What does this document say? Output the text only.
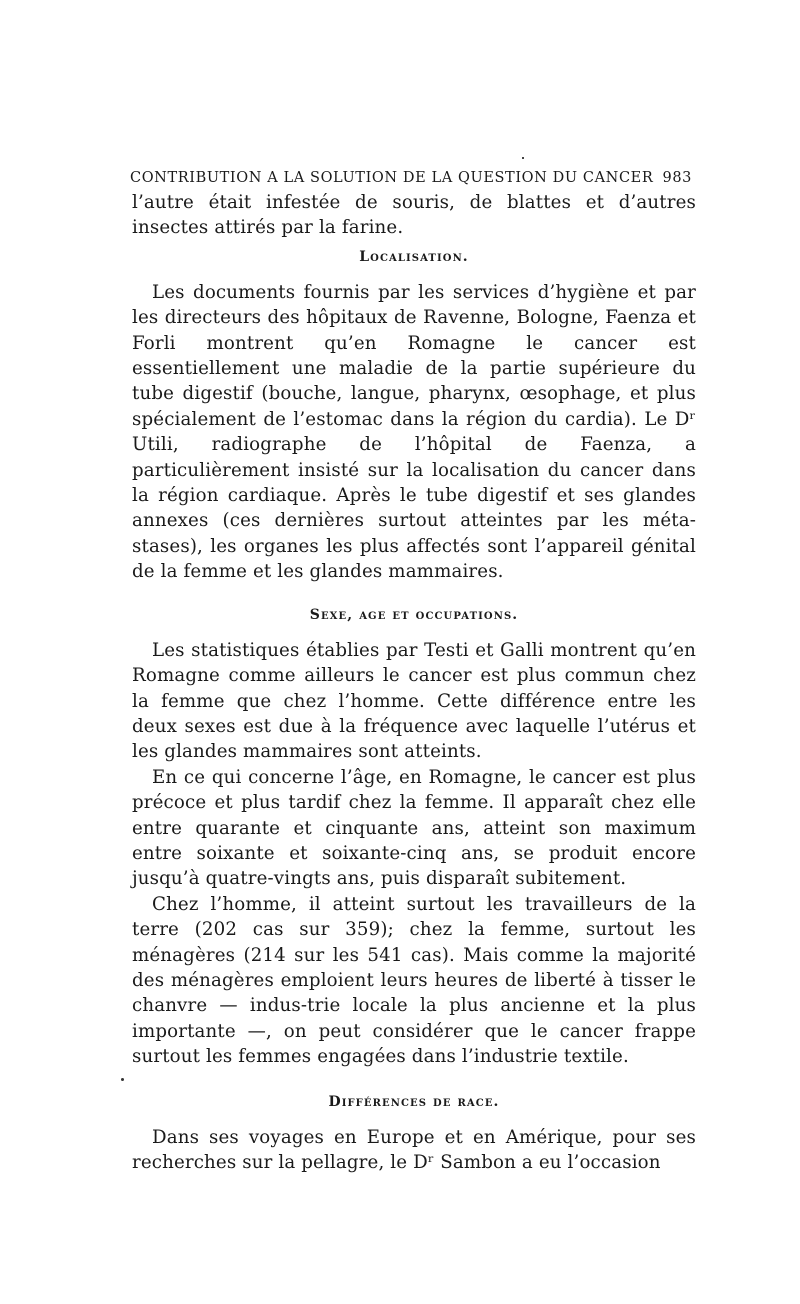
CONTRIBUTION A LA SOLUTION DE LA QUESTION DU CANCER 983

l’autre était infestée de souris, de blattes et d’autres insectes attirés par la farine.

Localisation.

Les documents fournis par les services d’hygiène et par les directeurs des hôpitaux de Ravenne, Bologne, Faenza et Forli montrent qu’en Romagne le cancer est essentiellement une maladie de la partie supérieure du tube digestif (bouche, langue, pharynx, œsophage, et plus spécialement de l’estomac dans la région du cardia). Le Dʳ Utili, radiographe de l’hôpital de Faenza, a particulièrement insisté sur la localisation du cancer dans la région cardiaque. Après le tube digestif et ses glandes annexes (ces dernières surtout atteintes par les méta-stases), les organes les plus affectés sont l’appareil génital de la femme et les glandes mammaires.

Sexe, age et occupations.

Les statistiques établies par Testi et Galli montrent qu’en Romagne comme ailleurs le cancer est plus commun chez la femme que chez l’homme. Cette différence entre les deux sexes est due à la fréquence avec laquelle l’utérus et les glandes mammaires sont atteints.

En ce qui concerne l’âge, en Romagne, le cancer est plus précoce et plus tardif chez la femme. Il apparaît chez elle entre quarante et cinquante ans, atteint son maximum entre soixante et soixante-cinq ans, se produit encore jusqu’à quatre-vingts ans, puis disparaît subitement.

Chez l’homme, il atteint surtout les travailleurs de la terre (202 cas sur 359); chez la femme, surtout les ménagères (214 sur les 541 cas). Mais comme la majorité des ménagères emploient leurs heures de liberté à tisser le chanvre — indus-trie locale la plus ancienne et la plus importante —, on peut considérer que le cancer frappe surtout les femmes engagées dans l’industrie textile.

Différences de race.

Dans ses voyages en Europe et en Amérique, pour ses recherches sur la pellagre, le Dʳ Sambon a eu l’occasion
